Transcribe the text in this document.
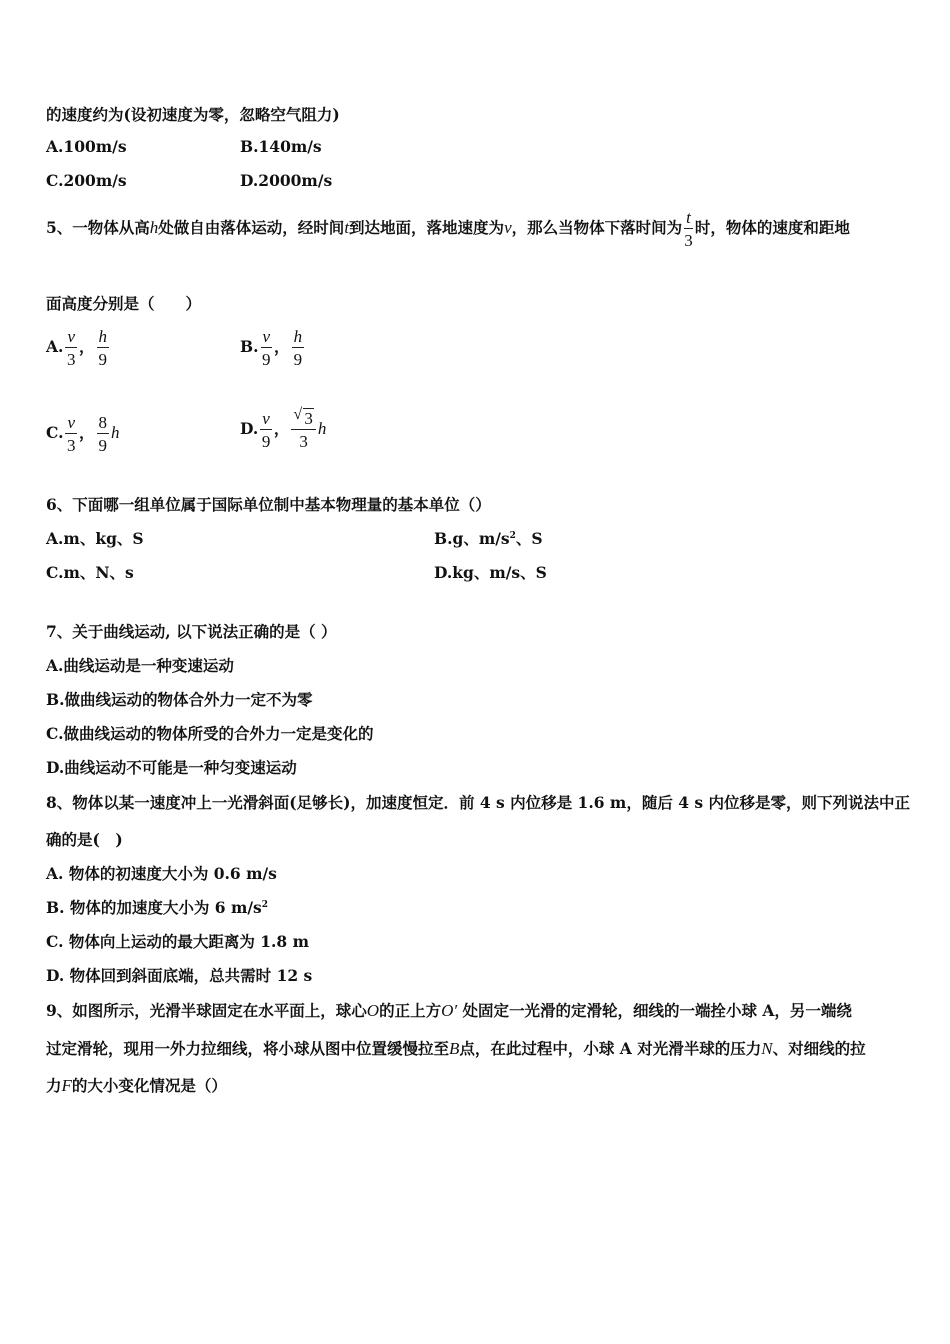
的速度约为(设初速度为零，忽略空气阻力)
A.100m/s	B.140m/s
C.200m/s	D.2000m/s
5、一物体从高h处做自由落体运动，经时间t到达地面，落地速度为v，那么当物体下落时间为 $\frac{t}{3}$ 时，物体的速度和距地
面高度分别是（　　）
A. $\frac{v}{3}$ ， $\frac{h}{9}$	B. $\frac{v}{9}$ ， $\frac{h}{9}$
C. $\frac{v}{3}$ ， $\frac{8}{9}$ h	D. $\frac{v}{9}$ ， $\frac{√ 3}{3}$ h
6、下面哪一组单位属于国际单位制中基本物理量的基本单位（）
A.m、kg、S	B.g、$m/s^2$、S
C.m、N、s	D.kg、m/s、S
7、关于曲线运动, 以下说法正确的是（ ）
A.曲线运动是一种变速运动
B.做曲线运动的物体合外力一定不为零
C.做曲线运动的物体所受的合外力一定是变化的
D.曲线运动不可能是一种匀变速运动
8、物体以某一速度冲上一光滑斜面(足够长)，加速度恒定．前 4 s 内位移是 1.6 m，随后 4 s 内位移是零，则下列说法中正
确的是(　)
A. 物体的初速度大小为 0.6 m/s
B. 物体的加速度大小为 6 $m/s^2$
C. 物体向上运动的最大距离为 1.8 m
D. 物体回到斜面底端，总共需时 12 s
9、如图所示，光滑半球固定在水平面上，球心O的正上方O′ 处固定一光滑的定滑轮，细线的一端拴小球 A，另一端绕
过定滑轮，现用一外力拉细线，将小球从图中位置缓慢拉至B点，在此过程中，小球 A 对光滑半球的压力N、对细线的拉
力F的大小变化情况是（）
